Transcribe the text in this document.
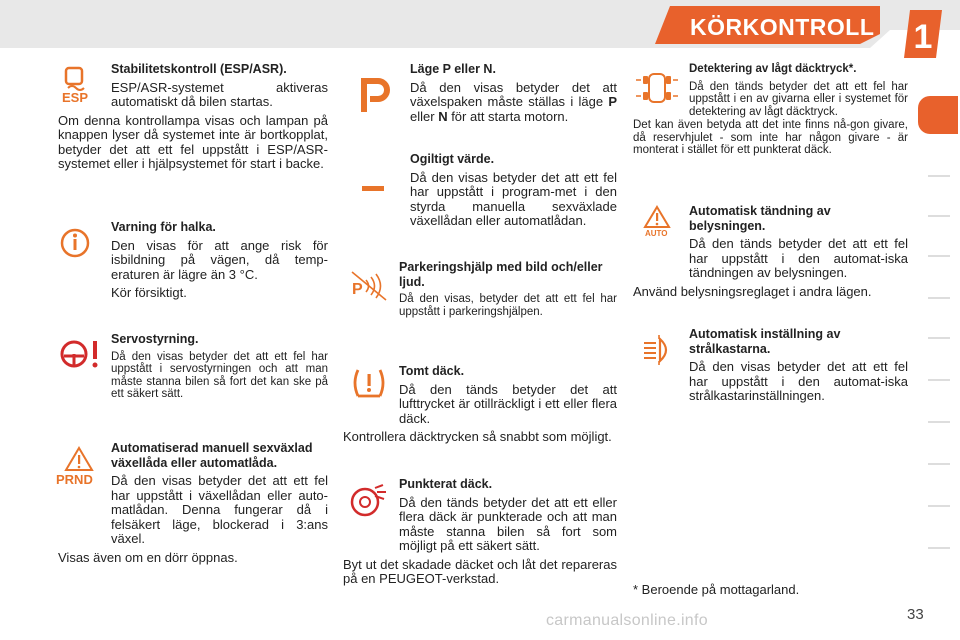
KÖRKONTROLL 1
ESP
Stabilitetskontroll (ESP/ASR).

ESP/ASR-systemet aktiveras automatiskt då bilen startas.

Om denna kontrollampa visas och lampan på knappen lyser då systemet inte är bortkopplat, betyder det att ett fel uppstått i ESP/ASR-systemet eller i hjälpsystemet för start i backe.

Varning för halka.

Den visas för att ange risk för isbildning på vägen, då temp-eraturen är lägre än 3 °C.

Kör försiktigt.

Servostyrning.

Då den visas betyder det att ett fel har uppstått i servostyrningen och att man måste stanna bilen så fort det kan ske på ett säkert sätt.

PRND
Automatiserad manuell sexväxlad växellåda eller automatlåda.

Då den visas betyder det att ett fel har uppstått i växellådan eller auto-matlådan. Denna fungerar då i felsäkert läge, blockerad i 3:ans växel.

Visas även om en dörr öppnas.

Läge P eller N.

Då den visas betyder det att växelspaken måste ställas i läge P eller N för att starta motorn.

Ogiltigt värde.

Då den visas betyder det att ett fel har uppstått i program-met i den styrda manuella sexväxlade växellådan eller automatlådan.

P
Parkeringshjälp med bild och/eller ljud.

Då den visas, betyder det att ett fel har uppstått i parkeringshjälpen.

Tomt däck.

Då den tänds betyder det att lufttrycket är otillräckligt i ett eller flera däck.

Kontrollera däcktrycken så snabbt som möjligt.

Punkterat däck.

Då den tänds betyder det att ett eller flera däck är punkterade och att man måste stanna bilen så fort som möjligt på ett säkert sätt.

Byt ut det skadade däcket och låt det repareras på en PEUGEOT-verkstad.

Detektering av lågt däcktryck*.

Då den tänds betyder det att ett fel har uppstått i en av givarna eller i systemet för detektering av lågt däcktryck.

Det kan även betyda att det inte finns nå-gon givare, då reservhjulet - som inte har någon givare - är monterat i stället för ett punkterat däck.

AUTO
Automatisk tändning av belysningen.

Då den tänds betyder det att ett fel har uppstått i den automat-iska tändningen av belysningen.

Använd belysningsreglaget i andra lägen.

Automatisk inställning av strålkastarna.

Då den visas betyder det att ett fel har uppstått i den automat-iska strålkastarinställningen.

* Beroende på mottagarland.
carmanualsonline.info	33
